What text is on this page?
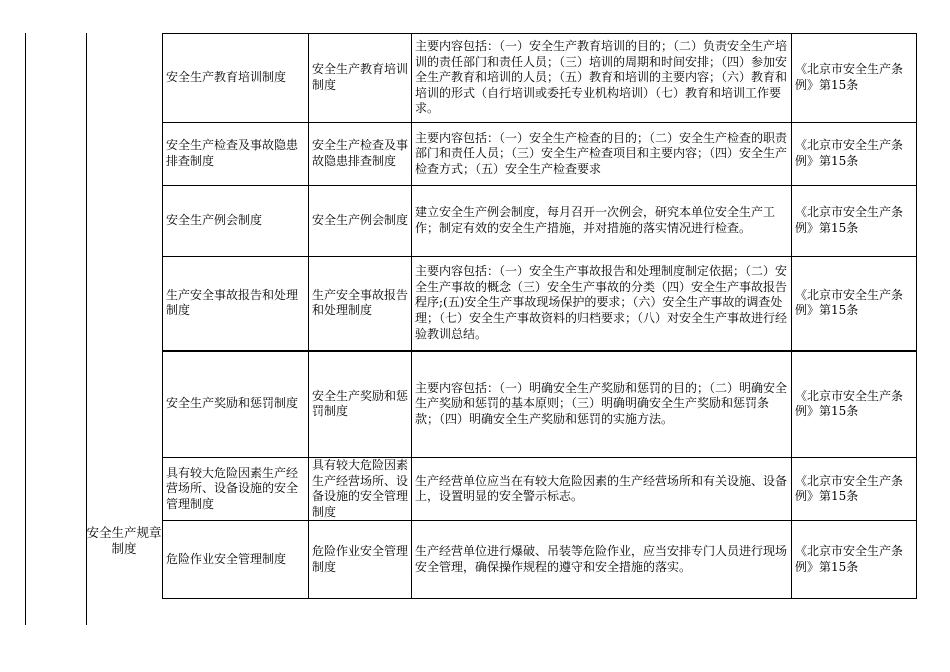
安全生产规章制度
安全生产教育培训制度	安全生产教育培训制度	主要内容包括：（一）安全生产教育培训的目的；（二）负责安全生产培训的责任部门和责任人员；（三）培训的周期和时间安排；（四）参加安全生产教育和培训的人员；（五）教育和培训的主要内容；（六）教育和培训的形式（自行培训或委托专业机构培训）（七）教育和培训工作要求。	《北京市安全生产条例》第15条
安全生产检查及事故隐患排查制度	安全生产检查及事故隐患排查制度	主要内容包括：（一）安全生产检查的目的；（二）安全生产检查的职责部门和责任人员；（三）安全生产检查项目和主要内容；（四）安全生产检查方式；（五）安全生产检查要求	《北京市安全生产条例》第15条
安全生产例会制度	安全生产例会制度	建立安全生产例会制度，每月召开一次例会，研究本单位安全生产工作；制定有效的安全生产措施，并对措施的落实情况进行检查。	《北京市安全生产条例》第15条
生产安全事故报告和处理制度	生产安全事故报告和处理制度	主要内容包括：（一）安全生产事故报告和处理制度制定依据；（二）安全生产事故的概念（三）安全生产事故的分类（四）安全生产事故报告程序;(五)安全生产事故现场保护的要求；（六）安全生产事故的调查处理；（七）安全生产事故资料的归档要求；（八）对安全生产事故进行经验教训总结。	《北京市安全生产条例》第15条
安全生产奖励和惩罚制度	安全生产奖励和惩罚制度	主要内容包括：（一）明确安全生产奖励和惩罚的目的；（二）明确安全生产奖励和惩罚的基本原则；（三）明确明确安全生产奖励和惩罚条款；（四）明确安全生产奖励和惩罚的实施方法。	《北京市安全生产条例》第15条
具有较大危险因素生产经营场所、设备设施的安全管理制度	具有较大危险因素生产经营场所、设备设施的安全管理制度	生产经营单位应当在有较大危险因素的生产经营场所和有关设施、设备上，设置明显的安全警示标志。	《北京市安全生产条例》第15条
危险作业安全管理制度	危险作业安全管理制度	生产经营单位进行爆破、吊装等危险作业，应当安排专门人员进行现场安全管理，确保操作规程的遵守和安全措施的落实。	《北京市安全生产条例》第15条
